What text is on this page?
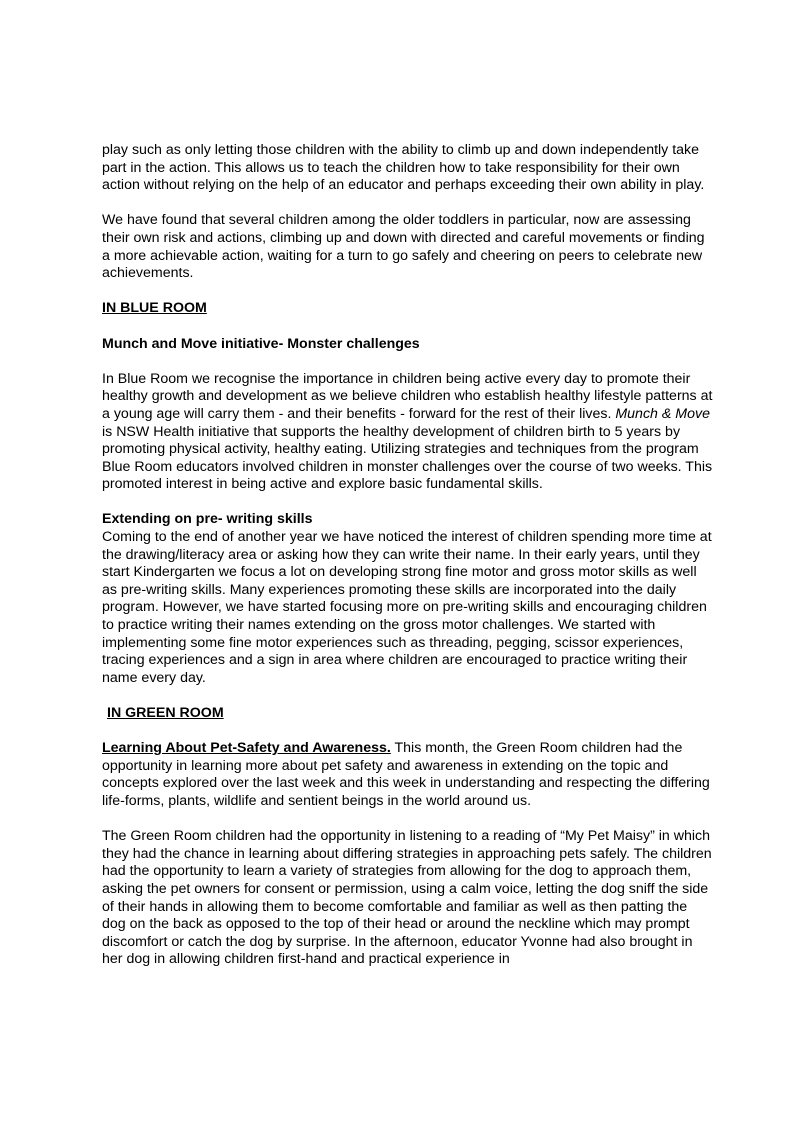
play such as only letting those children with the ability to climb up and down independently take part in the action. This allows us to teach the children how to take responsibility for their own action without relying on the help of an educator and perhaps exceeding their own ability in play.

We have found that several children among the older toddlers in particular, now are assessing their own risk and actions, climbing up and down with directed and careful movements or finding a more achievable action, waiting for a turn to go safely and cheering on peers to celebrate new achievements.

IN BLUE ROOM

Munch and Move initiative- Monster challenges

In Blue Room we recognise the importance in children being active every day to promote their healthy growth and development as we believe children who establish healthy lifestyle patterns at a young age will carry them - and their benefits - forward for the rest of their lives. Munch & Move is NSW Health initiative that supports the healthy development of children birth to 5 years by promoting physical activity, healthy eating. Utilizing strategies and techniques from the program Blue Room educators involved children in monster challenges over the course of two weeks. This promoted interest in being active and explore basic fundamental skills.

Extending on pre- writing skills

Coming to the end of another year we have noticed the interest of children spending more time at the drawing/literacy area or asking how they can write their name. In their early years, until they start Kindergarten we focus a lot on developing strong fine motor and gross motor skills as well as pre-writing skills. Many experiences promoting these skills are incorporated into the daily program. However, we have started focusing more on pre-writing skills and encouraging children to practice writing their names extending on the gross motor challenges. We started with implementing some fine motor experiences such as threading, pegging, scissor experiences, tracing experiences and a sign in area where children are encouraged to practice writing their name every day.

IN GREEN ROOM

Learning About Pet-Safety and Awareness. This month, the Green Room children had the opportunity in learning more about pet safety and awareness in extending on the topic and concepts explored over the last week and this week in understanding and respecting the differing life-forms, plants, wildlife and sentient beings in the world around us.

The Green Room children had the opportunity in listening to a reading of “My Pet Maisy” in which they had the chance in learning about differing strategies in approaching pets safely. The children had the opportunity to learn a variety of strategies from allowing for the dog to approach them, asking the pet owners for consent or permission, using a calm voice, letting the dog sniff the side of their hands in allowing them to become comfortable and familiar as well as then patting the dog on the back as opposed to the top of their head or around the neckline which may prompt discomfort or catch the dog by surprise. In the afternoon, educator Yvonne had also brought in her dog in allowing children first-hand and practical experience in
